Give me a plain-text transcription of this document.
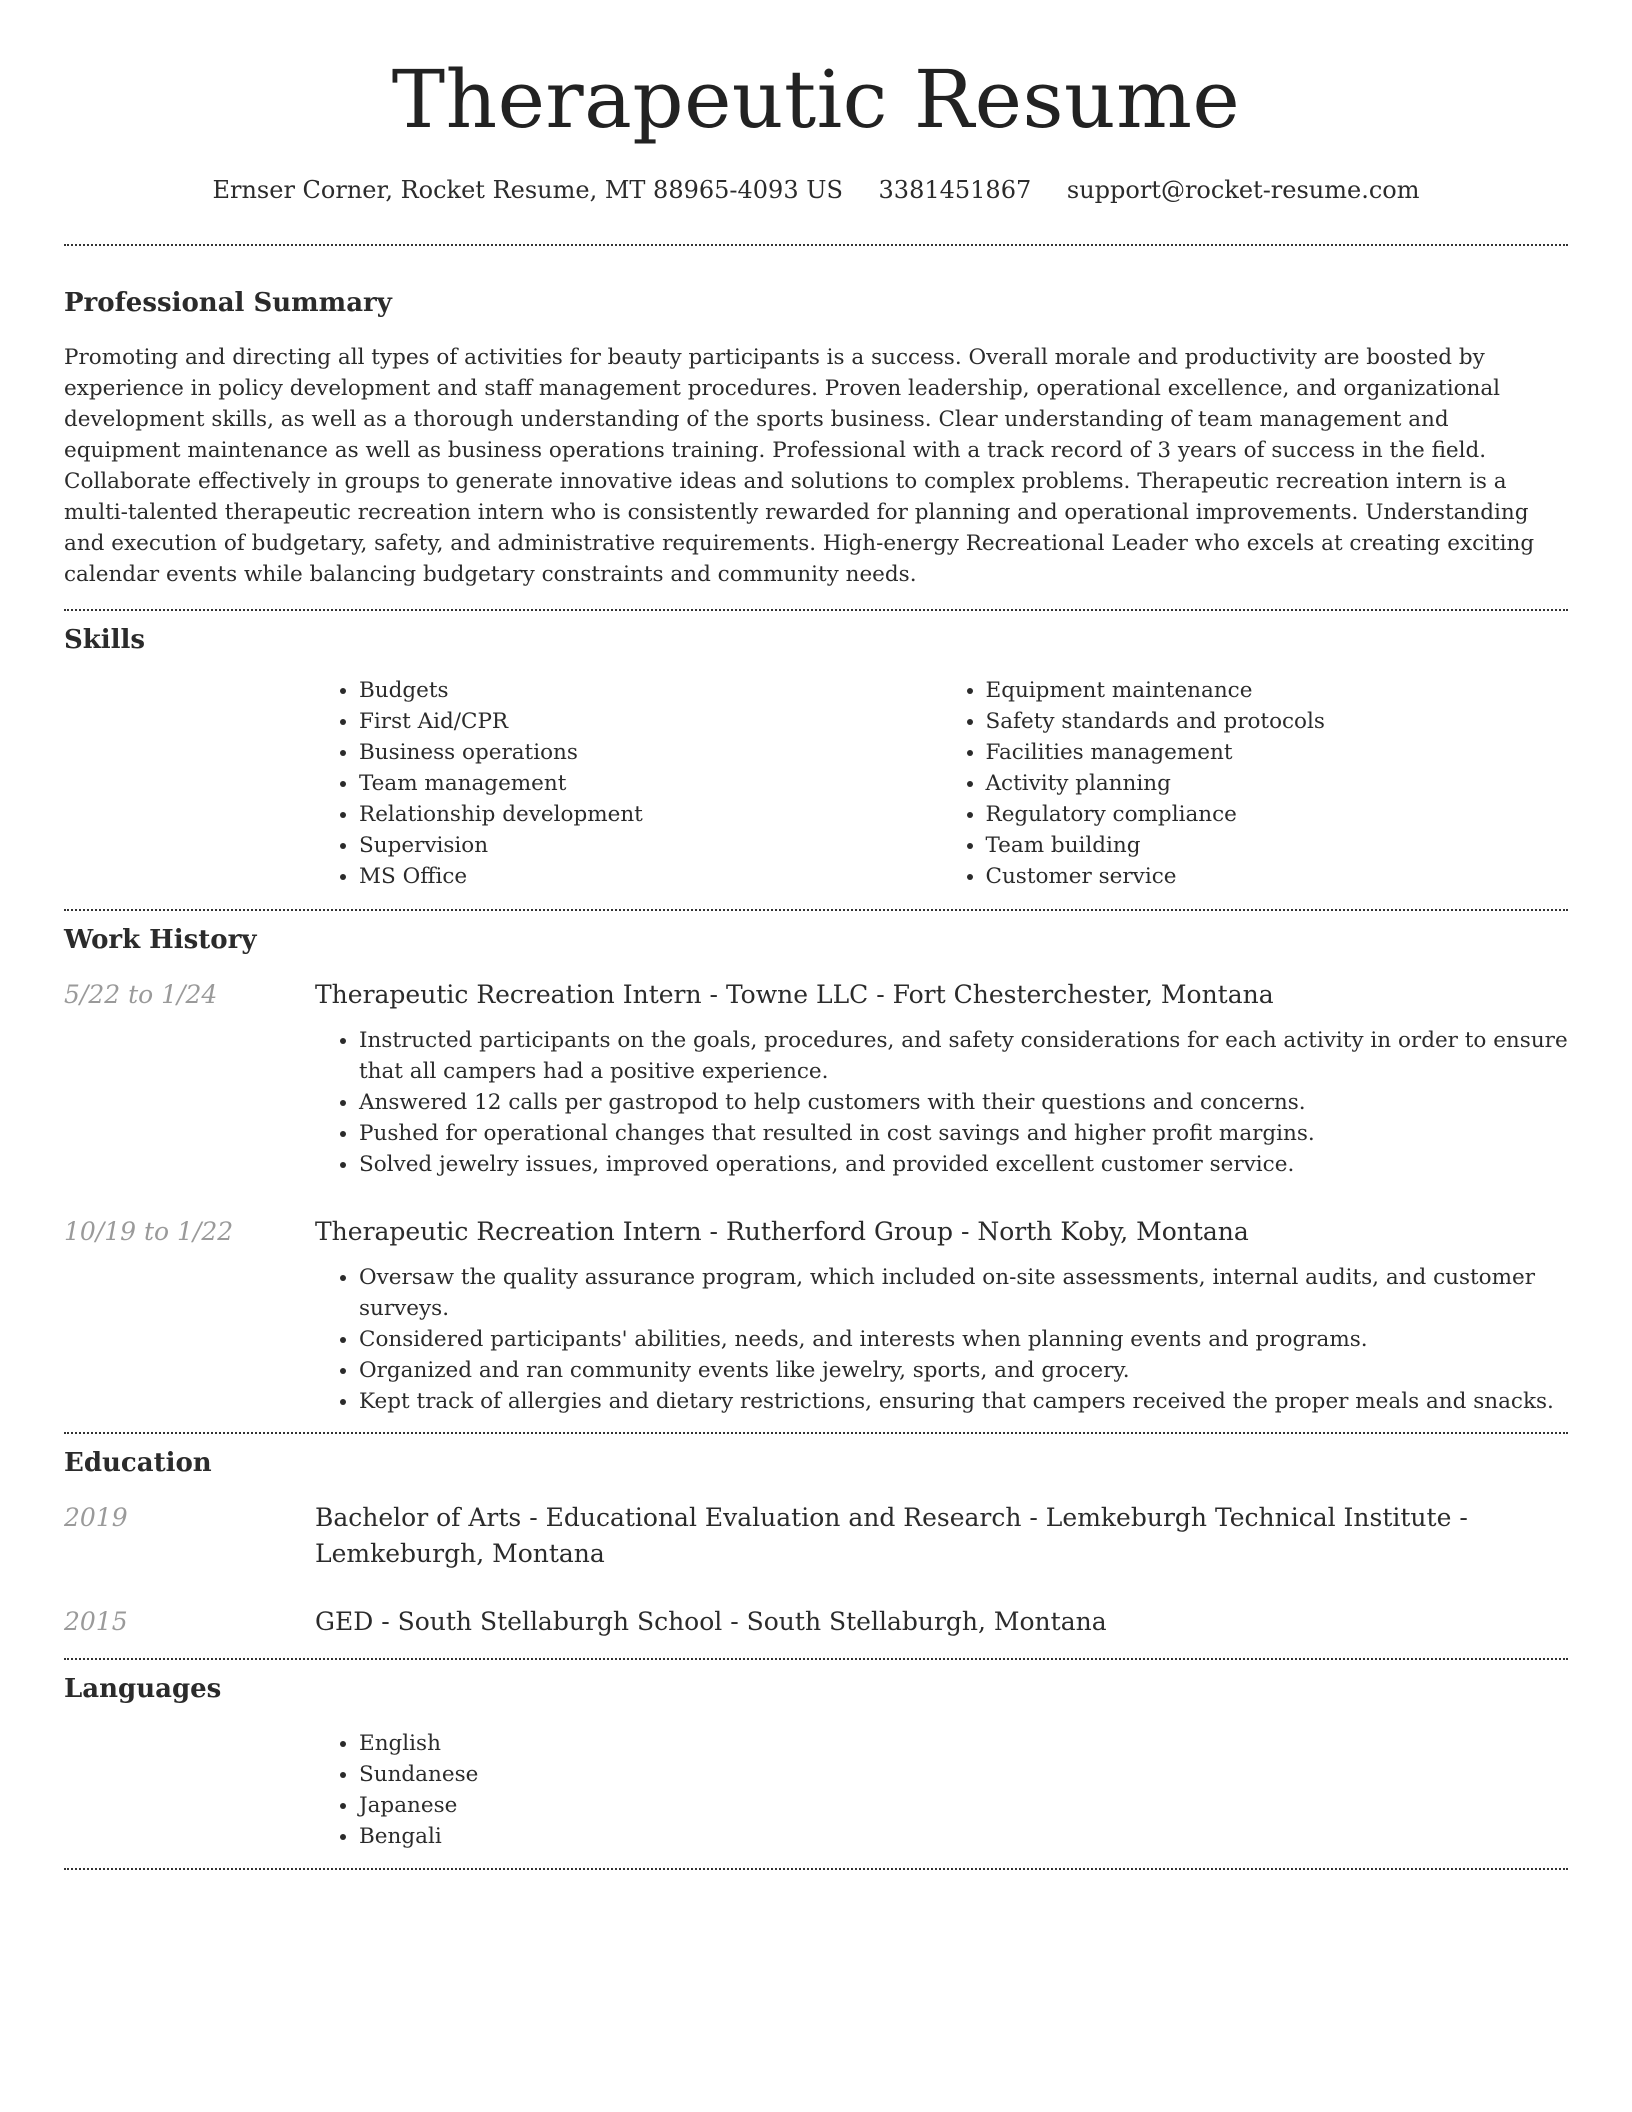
Therapeutic Resume
Ernser Corner, Rocket Resume, MT 88965-4093 US 3381451867 support@rocket-resume.com
Professional Summary

Promoting and directing all types of activities for beauty participants is a success. Overall morale and productivity are boosted by experience in policy development and staff management procedures. Proven leadership, operational excellence, and organizational development skills, as well as a thorough understanding of the sports business. Clear understanding of team management and equipment maintenance as well as business operations training. Professional with a track record of 3 years of success in the field. Collaborate effectively in groups to generate innovative ideas and solutions to complex problems. Therapeutic recreation intern is a multi-talented therapeutic recreation intern who is consistently rewarded for planning and operational improvements. Understanding and execution of budgetary, safety, and administrative requirements. High-energy Recreational Leader who excels at creating exciting calendar events while balancing budgetary constraints and community needs.

Skills
• Budgets
• First Aid/CPR
• Business operations
• Team management
• Relationship development
• Supervision
• MS Office
• Equipment maintenance
• Safety standards and protocols
• Facilities management
• Activity planning
• Regulatory compliance
• Team building
• Customer service
Work History
5/22 to 1/24	Therapeutic Recreation Intern - Towne LLC - Fort Chesterchester, Montana
• Instructed participants on the goals, procedures, and safety considerations for each activity in order to ensure that all campers had a positive experience.
• Answered 12 calls per gastropod to help customers with their questions and concerns.
• Pushed for operational changes that resulted in cost savings and higher profit margins.
• Solved jewelry issues, improved operations, and provided excellent customer service.
10/19 to 1/22	Therapeutic Recreation Intern - Rutherford Group - North Koby, Montana
• Oversaw the quality assurance program, which included on-site assessments, internal audits, and customer surveys.
• Considered participants' abilities, needs, and interests when planning events and programs.
• Organized and ran community events like jewelry, sports, and grocery.
• Kept track of allergies and dietary restrictions, ensuring that campers received the proper meals and snacks.
Education
2019	Bachelor of Arts - Educational Evaluation and Research - Lemkeburgh Technical Institute - Lemkeburgh, Montana
2015	GED - South Stellaburgh School - South Stellaburgh, Montana
Languages
• English
• Sundanese
• Japanese
• Bengali
